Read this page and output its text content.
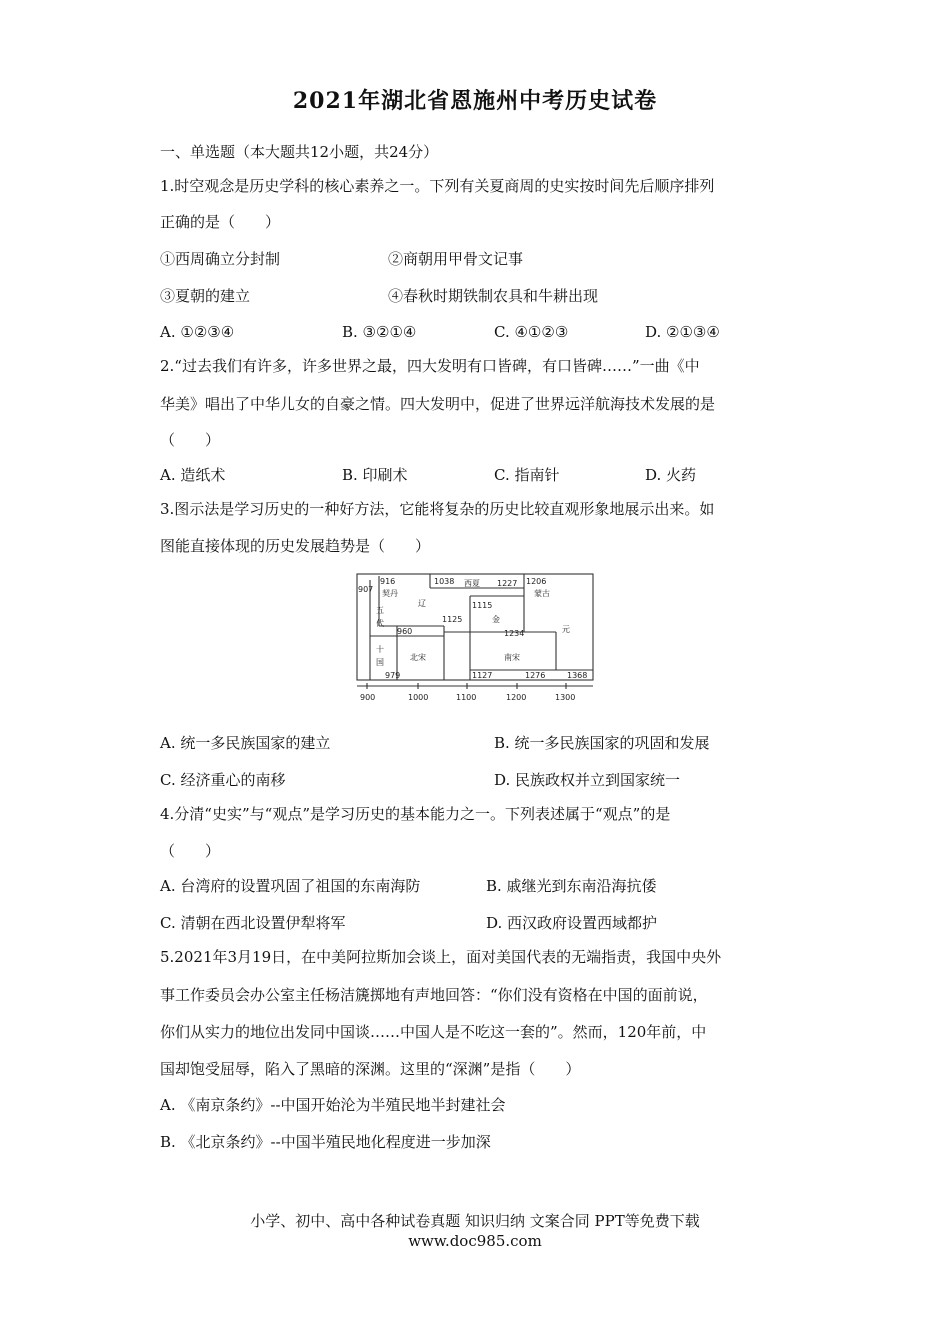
2021年湖北省恩施州中考历史试卷
一、单选题（本大题共12小题，共24分）
1.时空观念是历史学科的核心素养之一。下列有关夏商周的史实按时间先后顺序排列
正确的是（　　）
①西周确立分封制	②商朝用甲骨文记事
③夏朝的建立	④春秋时期铁制农具和牛耕出现
A. ①②③④	B. ③②①④	C. ④①②③	D. ②①③④
2.“过去我们有许多，许多世界之最，四大发明有口皆碑，有口皆碑……”一曲《中
华美》唱出了中华儿女的自豪之情。四大发明中，促进了世界远洋航海技术发展的是
（　　）
A. 造纸术	B. 印刷术	C. 指南针	D. 火药
3.图示法是学习历史的一种好方法，它能将复杂的历史比较直观形象地展示出来。如
图能直接体现的历史发展趋势是（　　）
907
916
契丹
1038 西夏 1227 1206
蒙古
五
代
辽	1115
金
1125
960	元
1234
十
国
北宋	南宋
979	1127	1276	1368
900	1000	1100	1200	1300
A. 统一多民族国家的建立	B. 统一多民族国家的巩固和发展
C. 经济重心的南移	D. 民族政权并立到国家统一
4.分清“史实”与“观点”是学习历史的基本能力之一。下列表述属于“观点”的是
（　　）
A. 台湾府的设置巩固了祖国的东南海防	B. 戚继光到东南沿海抗倭
C. 清朝在西北设置伊犁将军	D. 西汉政府设置西域都护
5.2021年3月19日，在中美阿拉斯加会谈上，面对美国代表的无端指责，我国中央外
事工作委员会办公室主任杨洁篪掷地有声地回答：“你们没有资格在中国的面前说，
你们从实力的地位出发同中国谈……中国人是不吃这一套的”。然而，120年前，中
国却饱受屈辱，陷入了黑暗的深渊。这里的“深渊”是指（　　）
A. 《南京条约》--中国开始沦为半殖民地半封建社会
B. 《北京条约》--中国半殖民地化程度进一步加深
小学、初中、高中各种试卷真题 知识归纳 文案合同 PPT等免费下载
www.doc985.com
